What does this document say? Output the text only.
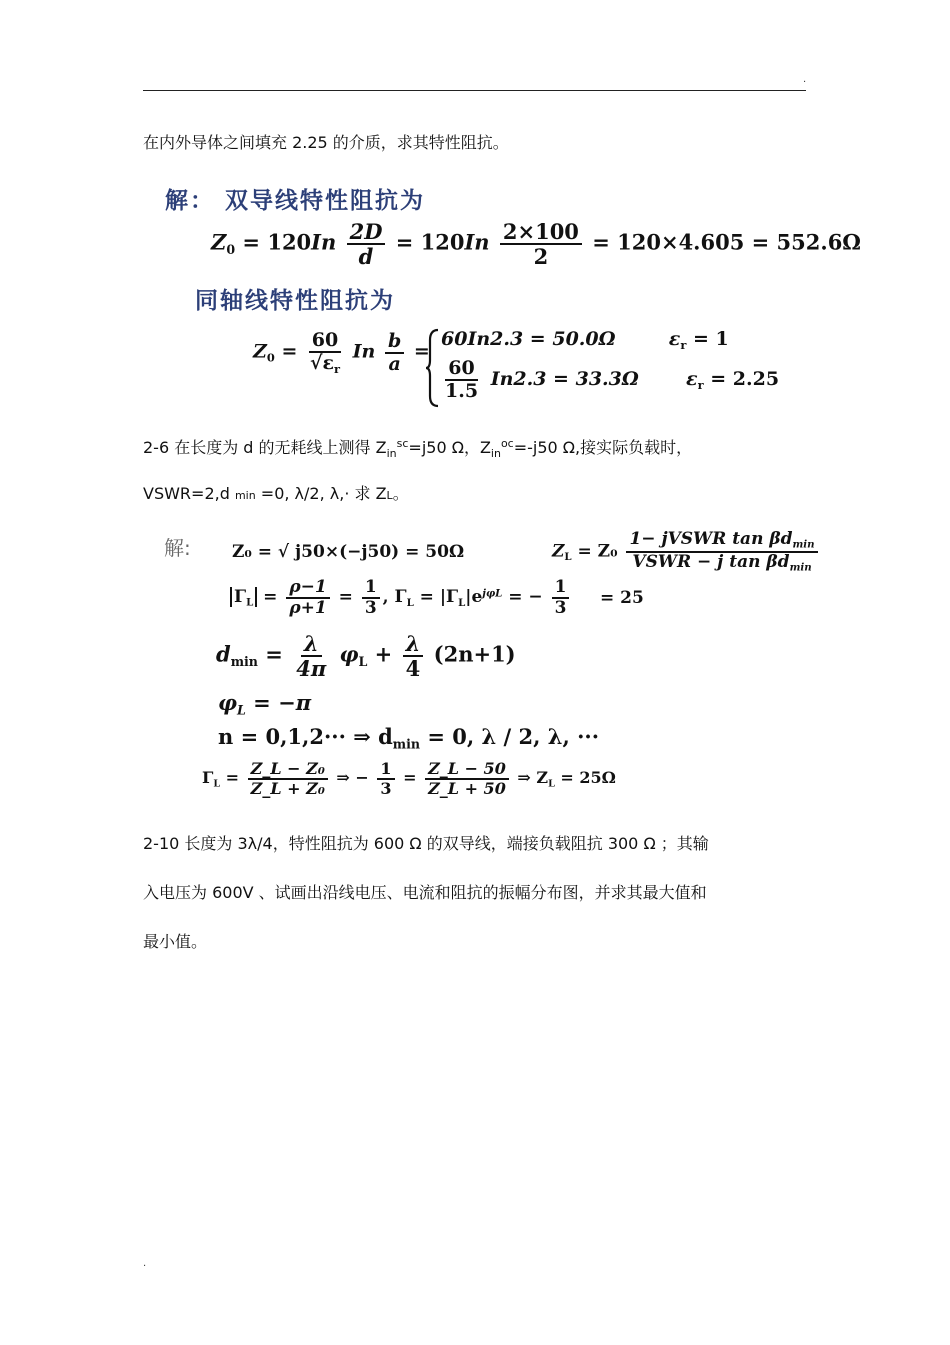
.
在内外导体之间填充 2.25 的介质，求其特性阻抗。
解： 双导线特性阻抗为
$Z_0 = 120In \frac{2D}{d} = 120In \frac{2\times 100}{2} = 120\times 4.605 = 552.6\Omega$
同轴线特性阻抗为
$Z_0 = \frac{60}{√\varepsilon_r}$ In $\frac{b}{a}$ =
60In2.3 = 50.0Ω	$\varepsilon_r = 1$
$\frac{60}{1.5} In2.3 = 33.3\Omega$ $\varepsilon_r = 2.25$
2-6 在长度为 d 的无耗线上测得 $Z_{in}^{sc}=j50$ Ω，$Z_{in}^{oc}=-j50$ Ω,接实际负载时，
VSWR=2,d min =0, λ/2, λ,· 求 ZL。
解: Z₀ = √ j50×(−j50) = 50Ω	$Z_L = Z_0 \frac{1- jVSWR \tan \beta d_{min}}{VSWR - j \tan \beta d_{min}}$
= 25
$\Gamma_L = \frac{\rho-1}{\rho+1} = \frac{1}{3}$ , $\Gamma_L = |\Gamma_L|e^{j\varphi L}$ = − $\frac{1}{3}$
$d_{min} = \frac{\lambda}{4\pi} \varphi_L + \frac{\lambda}{4} (2n+1)$
$\varphi_L = -\pi$
n = 0,1,2··· ⇒ $d_{min} = 0$, λ / 2, λ, ···
$\Gamma_L = \frac{\text{Z\_L − Z₀}}{\text{Z\_L + Z₀}}$ ⇒ − $\frac{1}{3} = \frac{Z\_L - 50}{Z\_L + 50}$ ⇒ $Z_L = 25\Omega$
2-10 长度为 3λ/4，特性阻抗为 600 Ω 的双导线，端接负载阻抗 300 Ω ；其输
入电压为 600V 、试画出沿线电压、电流和阻抗的振幅分布图，并求其最大值和
最小值。
.
